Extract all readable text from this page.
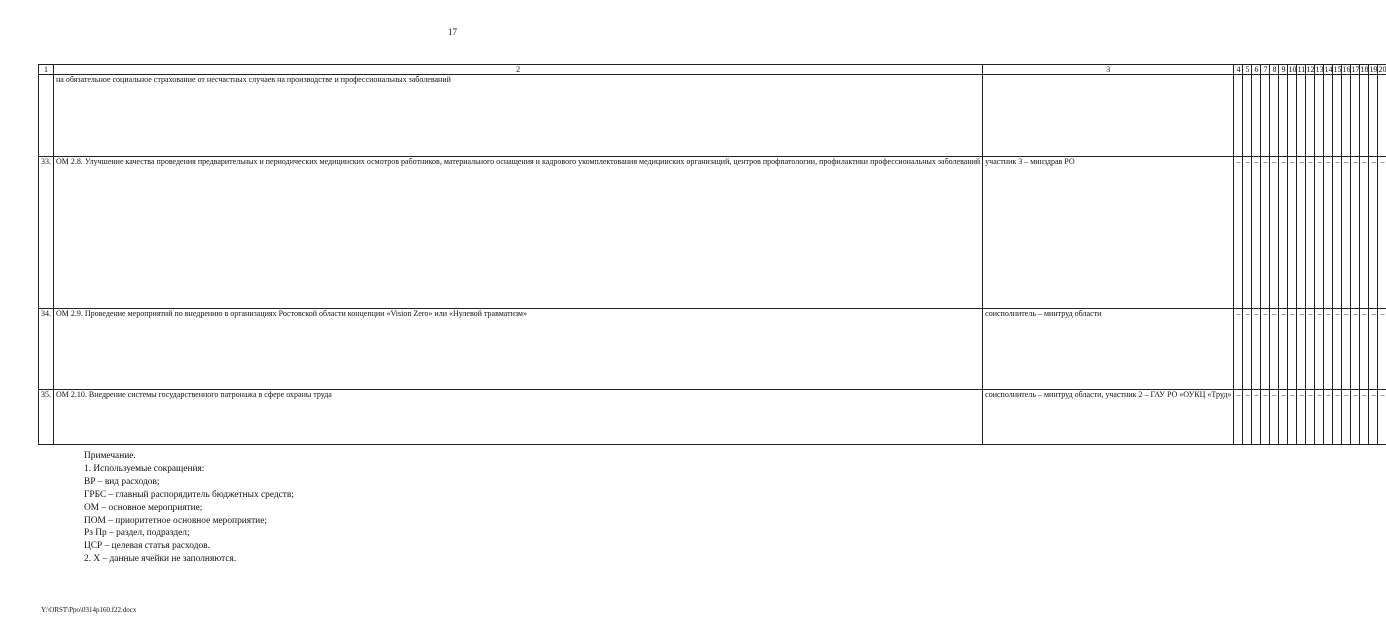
17
1	2	3	4	5	6	7	8	9	10	11	12	13	14	15	16	17	18	19	20
	на обязательное социальное страхование от несчастных случаев на производстве и профессиональных заболеваний																		
33.	ОМ 2.8. Улучшение качества проведения предварительных и периодических медицинских осмотров работников, материального оснащения и кадрового укомплектования медицинских организаций, центров профпатологии, профилактики профессиональных заболеваний	участник 3 – минздрав РО	–	–	–	–	–	–	–	–	–	–	–	–	–	–	–	–	–
34.	ОМ 2.9. Проведение мероприятий по внедрению в организациях Ростовской области концепции «Vision Zero» или «Нулевой травматизм»	соисполнитель – минтруд области	–	–	–	–	–	–	–	–	–	–	–	–	–	–	–	–	–
35.	ОМ 2.10. Внедрение системы государственного патронажа в сфере охраны труда	соисполнитель – минтруд области, участник 2 – ГАУ РО «ОУКЦ «Труд»	–	–	–	–	–	–	–	–	–	–	–	–	–	–	–	–	–
Примечание.
1. Используемые сокращения:
ВР – вид расходов;
ГРБС – главный распорядитель бюджетных средств;
ОМ – основное мероприятие;
ПОМ – приоритетное основное мероприятие;
Рз Пр – раздел, подраздел;
ЦСР – целевая статья расходов.
2. Х – данные ячейки не заполняются.
Y:\ORST\Ppo\0314p160.f22.docx
